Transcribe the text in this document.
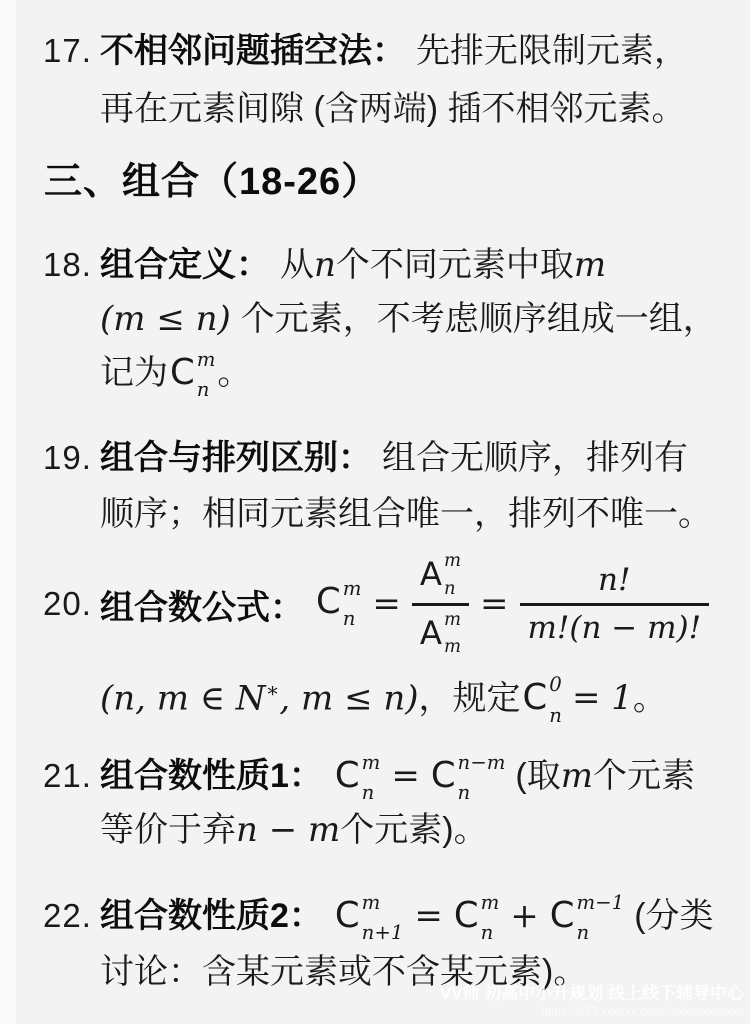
17. 不相邻问题插空法： 先排无限制元素，
再在元素间隙 (含两端) 插不相邻元素。
三、组合（18-26）
18. 组合定义： 从n个不同元素中取m
(m ≤ n) 个元素，不考虑顺序组成一组，
记为C m
n 。
19. 组合与排列区别： 组合无顺序，排列有
顺序；相同元素组合唯一，排列不唯一。
20. 组合数公式： C m
n = A m
n
A m
$m = \frac{n!}{m!(n - m)!}$
(n, m ∈ N∗, m ≤ n)，规定C 0
n = 1。
21. 组合数性质1： C m
n = C n−m
n (取m个元素
等价于弃n − m个元素)。
22. 组合数性质2： C m
n+1 = C m
n + C m−1
n (分类
讨论：含某元素或不含某元素)。
VV师 初高中小升规划 线上线下辅导中心
https://b23.xxxxxx.com/xxxxxxxxxxxxx
